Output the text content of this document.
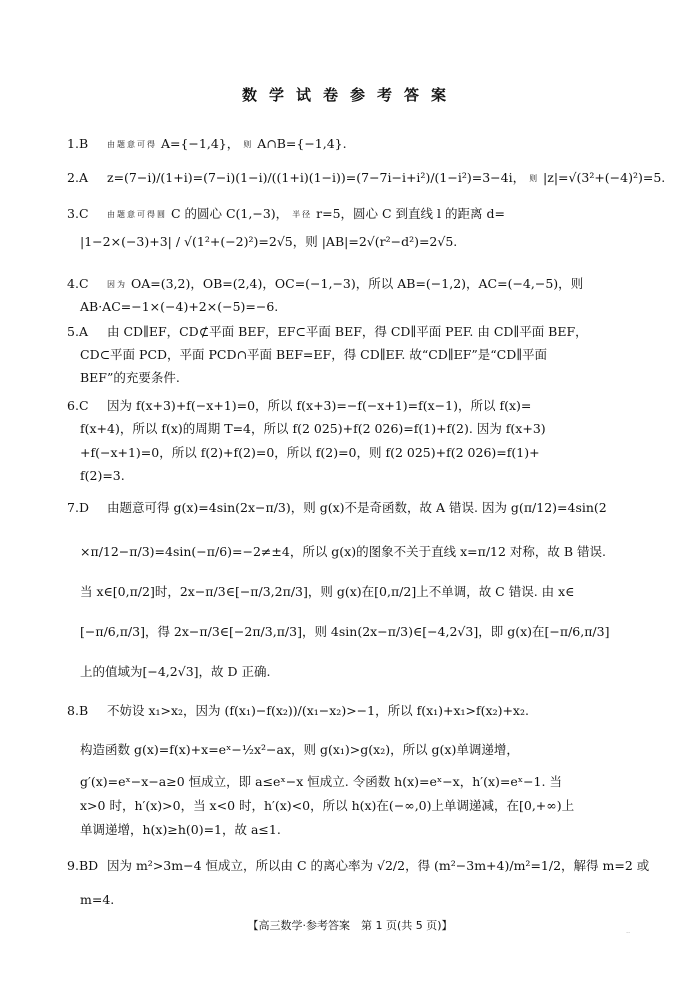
数学试卷参考答案
1.B 由题意可得 A={−1,4}， 则 A∩B={−1,4}.
2.A z=(7−i)/(1+i)=(7−i)(1−i)/((1+i)(1−i))=(7−7i−i+i²)/(1−i²)=3−4i， 则 |z|=√(3²+(−4)²)=5.
3.C 由题意可得圆 C 的圆心 C(1,−3)， 半径 r=5，圆心 C 到直线 l 的距离 d=
|1−2×(−3)+3| / √(1²+(−2)²)=2√5，则 |AB|=2√(r²−d²)=2√5.
4.C 因为 OA=(3,2)，OB=(2,4)，OC=(−1,−3)，所以 AB=(−1,2)，AC=(−4,−5)，则
AB·AC=−1×(−4)+2×(−5)=−6.
5.A 由 CD∥EF，CD⊄平面 BEF，EF⊂平面 BEF，得 CD∥平面 PEF. 由 CD∥平面 BEF，
CD⊂平面 PCD，平面 PCD∩平面 BEF=EF，得 CD∥EF. 故“CD∥EF”是“CD∥平面
BEF”的充要条件.
6.C 因为 f(x+3)+f(−x+1)=0，所以 f(x+3)=−f(−x+1)=f(x−1)，所以 f(x)=
f(x+4)，所以 f(x)的周期 T=4，所以 f(2 025)+f(2 026)=f(1)+f(2). 因为 f(x+3)
+f(−x+1)=0，所以 f(2)+f(2)=0，所以 f(2)=0，则 f(2 025)+f(2 026)=f(1)+
f(2)=3.
7.D 由题意可得 g(x)=4sin(2x−π/3)，则 g(x)不是奇函数，故 A 错误. 因为 g(π/12)=4sin(2
×π/12−π/3)=4sin(−π/6)=−2≠±4，所以 g(x)的图象不关于直线 x=π/12 对称，故 B 错误.
当 x∈[0,π/2]时，2x−π/3∈[−π/3,2π/3]，则 g(x)在[0,π/2]上不单调，故 C 错误. 由 x∈
[−π/6,π/3]，得 2x−π/3∈[−2π/3,π/3]，则 4sin(2x−π/3)∈[−4,2√3]，即 g(x)在[−π/6,π/3]
上的值域为[−4,2√3]，故 D 正确.
8.B 不妨设 x₁>x₂，因为 (f(x₁)−f(x₂))/(x₁−x₂)>−1，所以 f(x₁)+x₁>f(x₂)+x₂.
构造函数 g(x)=f(x)+x=eˣ−½x²−ax，则 g(x₁)>g(x₂)，所以 g(x)单调递增，
g′(x)=eˣ−x−a≥0 恒成立，即 a≤eˣ−x 恒成立. 令函数 h(x)=eˣ−x，h′(x)=eˣ−1. 当
x>0 时，h′(x)>0，当 x<0 时，h′(x)<0，所以 h(x)在(−∞,0)上单调递减，在[0,+∞)上
单调递增，h(x)≥h(0)=1，故 a≤1.
9.BD 因为 m²>3m−4 恒成立，所以由 C 的离心率为 √2/2，得 (m²−3m+4)/m²=1/2，解得 m=2 或
m=4.
【高三数学·参考答案　第 1 页(共 5 页)】
··
